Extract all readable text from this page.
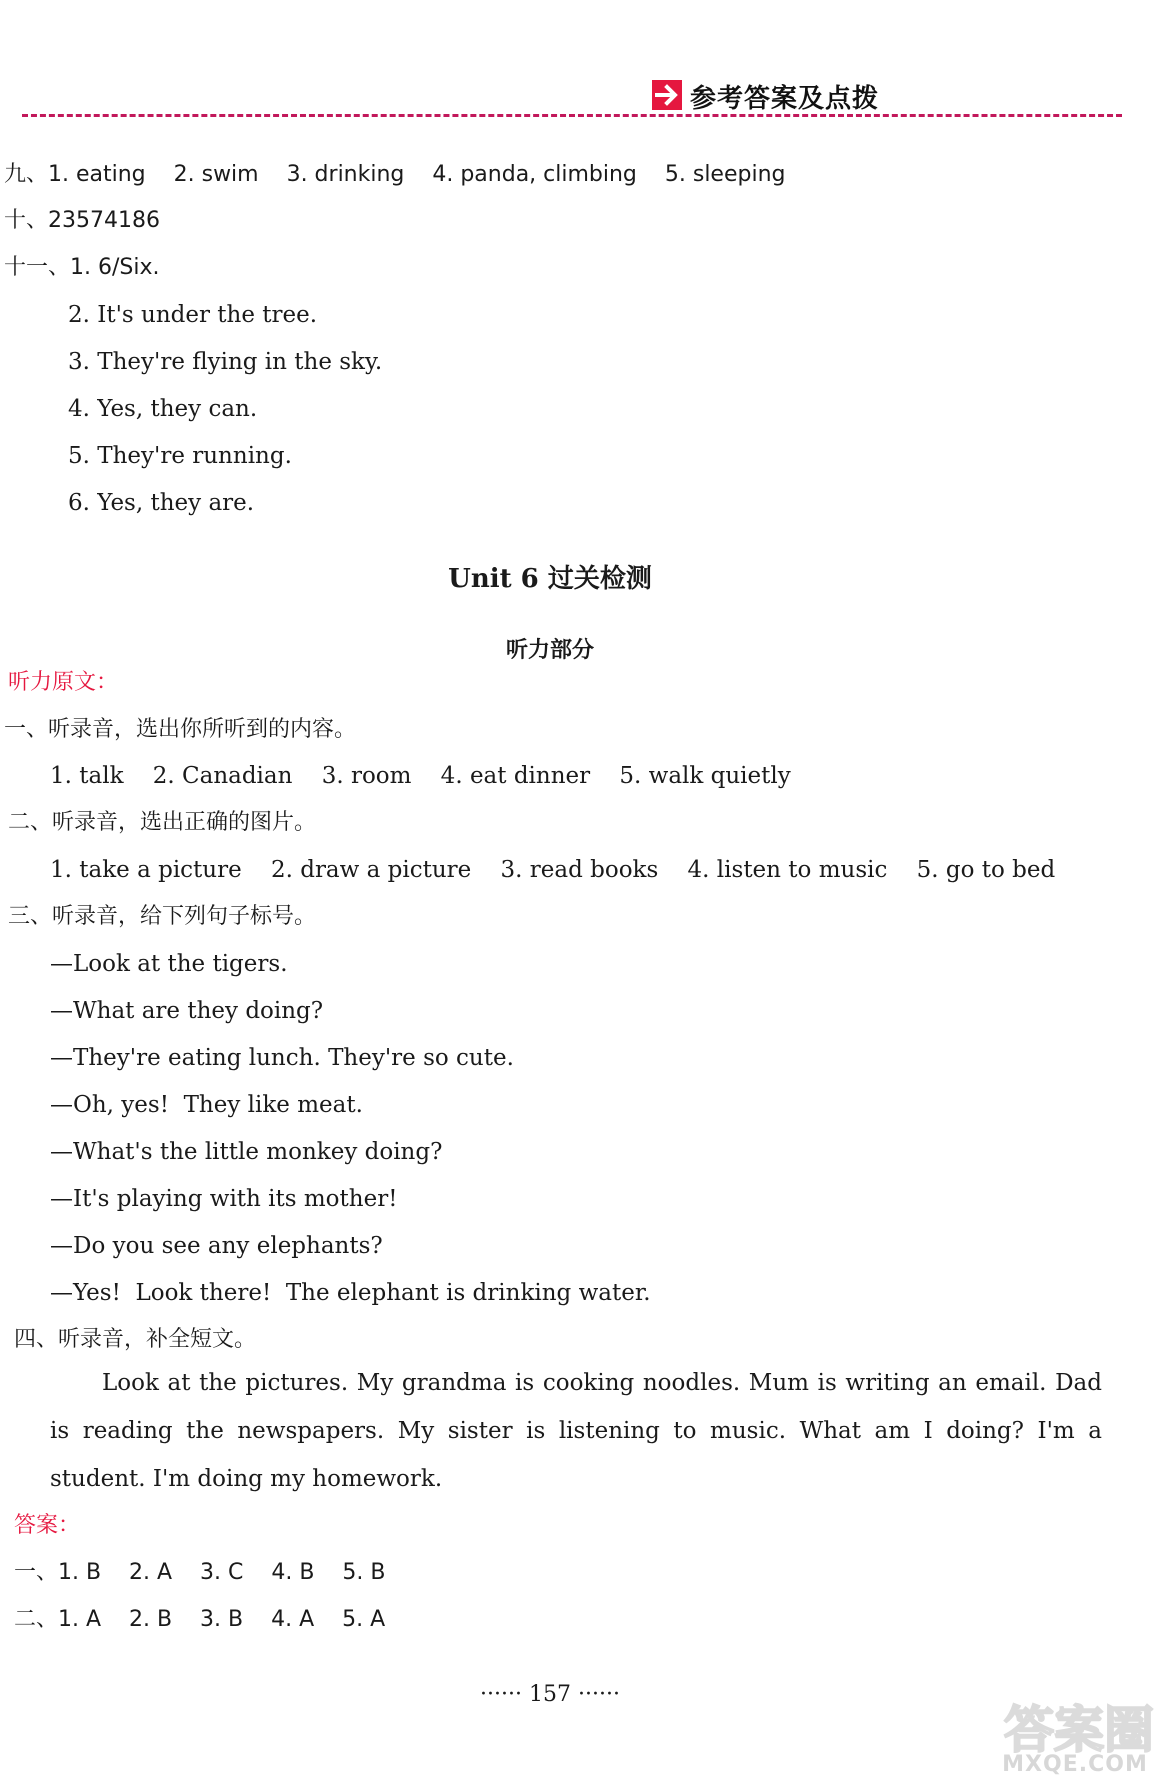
参考答案及点拨
九、1. eating    2. swim    3. drinking    4. panda, climbing    5. sleeping
十、23574186
十一、1. 6/Six.
2. It's under the tree.
3. They're flying in the sky.
4. Yes, they can.
5. They're running.
6. Yes, they are.
Unit 6 过关检测
听力部分
听力原文：
一、听录音，选出你所听到的内容。
1. talk    2. Canadian    3. room    4. eat dinner    5. walk quietly
二、听录音，选出正确的图片。
1. take a picture    2. draw a picture    3. read books    4. listen to music    5. go to bed
三、听录音，给下列句子标号。
—Look at the tigers.
—What are they doing?
—They're eating lunch. They're so cute.
—Oh, yes!  They like meat.
—What's the little monkey doing?
—It's playing with its mother!
—Do you see any elephants?
—Yes!  Look there!  The elephant is drinking water.
四、听录音，补全短文。
Look at the pictures. My grandma is cooking noodles. Mum is writing an email. Dad is reading the newspapers. My sister is listening to music. What am I doing? I'm a student. I'm doing my homework.
答案：
一、1. B    2. A    3. C    4. B    5. B
二、1. A    2. B    3. B    4. A    5. A
······ 157 ······
答案圈
MXQE.COM
